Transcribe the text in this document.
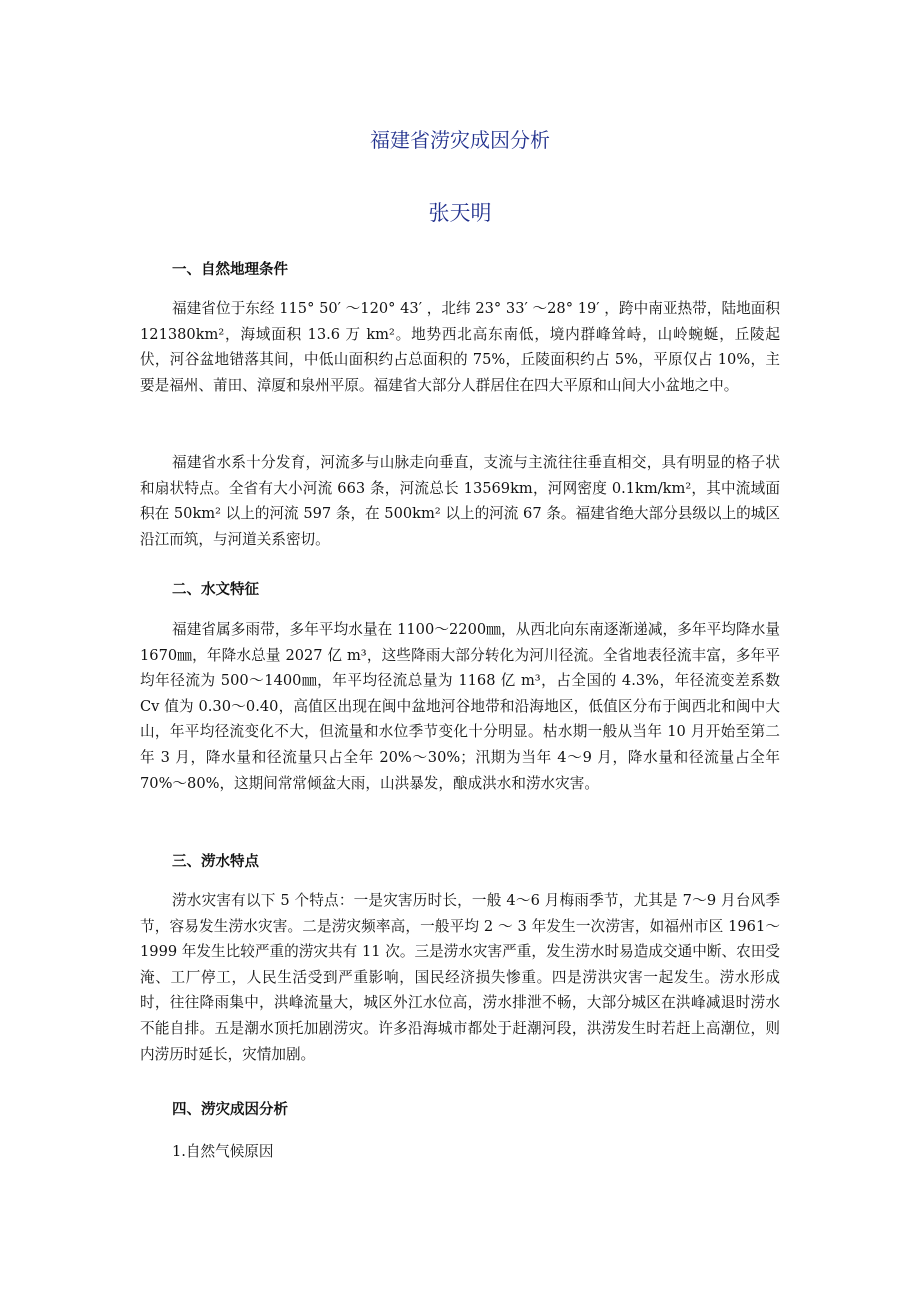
福建省涝灾成因分析
张天明
一、自然地理条件

福建省位于东经 115° 50′ ～120° 43′ ，北纬 23° 33′ ～28° 19′ ，跨中南亚热带，陆地面积 121380km²，海域面积 13.6 万 km²。地势西北高东南低，境内群峰耸峙，山岭蜿蜒，丘陵起伏，河谷盆地错落其间，中低山面积约占总面积的 75%，丘陵面积约占 5%，平原仅占 10%，主要是福州、莆田、漳厦和泉州平原。福建省大部分人群居住在四大平原和山间大小盆地之中。

福建省水系十分发育，河流多与山脉走向垂直，支流与主流往往垂直相交，具有明显的格子状和扇状特点。全省有大小河流 663 条，河流总长 13569km，河网密度 0.1km/km²，其中流域面积在 50km² 以上的河流 597 条，在 500km² 以上的河流 67 条。福建省绝大部分县级以上的城区沿江而筑，与河道关系密切。

二、水文特征

福建省属多雨带，多年平均水量在 1100～2200㎜，从西北向东南逐渐递减，多年平均降水量 1670㎜，年降水总量 2027 亿 m³，这些降雨大部分转化为河川径流。全省地表径流丰富，多年平均年径流为 500～1400㎜，年平均径流总量为 1168 亿 m³，占全国的 4.3%，年径流变差系数 Cv 值为 0.30～0.40，高值区出现在闽中盆地河谷地带和沿海地区，低值区分布于闽西北和闽中大山，年平均径流变化不大，但流量和水位季节变化十分明显。枯水期一般从当年 10 月开始至第二年 3 月，降水量和径流量只占全年 20%～30%；汛期为当年 4～9 月，降水量和径流量占全年 70%～80%，这期间常常倾盆大雨，山洪暴发，酿成洪水和涝水灾害。

三、涝水特点

涝水灾害有以下 5 个特点：一是灾害历时长，一般 4～6 月梅雨季节，尤其是 7～9 月台风季节，容易发生涝水灾害。二是涝灾频率高，一般平均 2 ～ 3 年发生一次涝害，如福州市区 1961～1999 年发生比较严重的涝灾共有 11 次。三是涝水灾害严重，发生涝水时易造成交通中断、农田受淹、工厂停工，人民生活受到严重影响，国民经济损失惨重。四是涝洪灾害一起发生。涝水形成时，往往降雨集中，洪峰流量大，城区外江水位高，涝水排泄不畅，大部分城区在洪峰减退时涝水不能自排。五是潮水顶托加剧涝灾。许多沿海城市都处于赶潮河段，洪涝发生时若赶上高潮位，则内涝历时延长，灾情加剧。

四、涝灾成因分析

1.自然气候原因
